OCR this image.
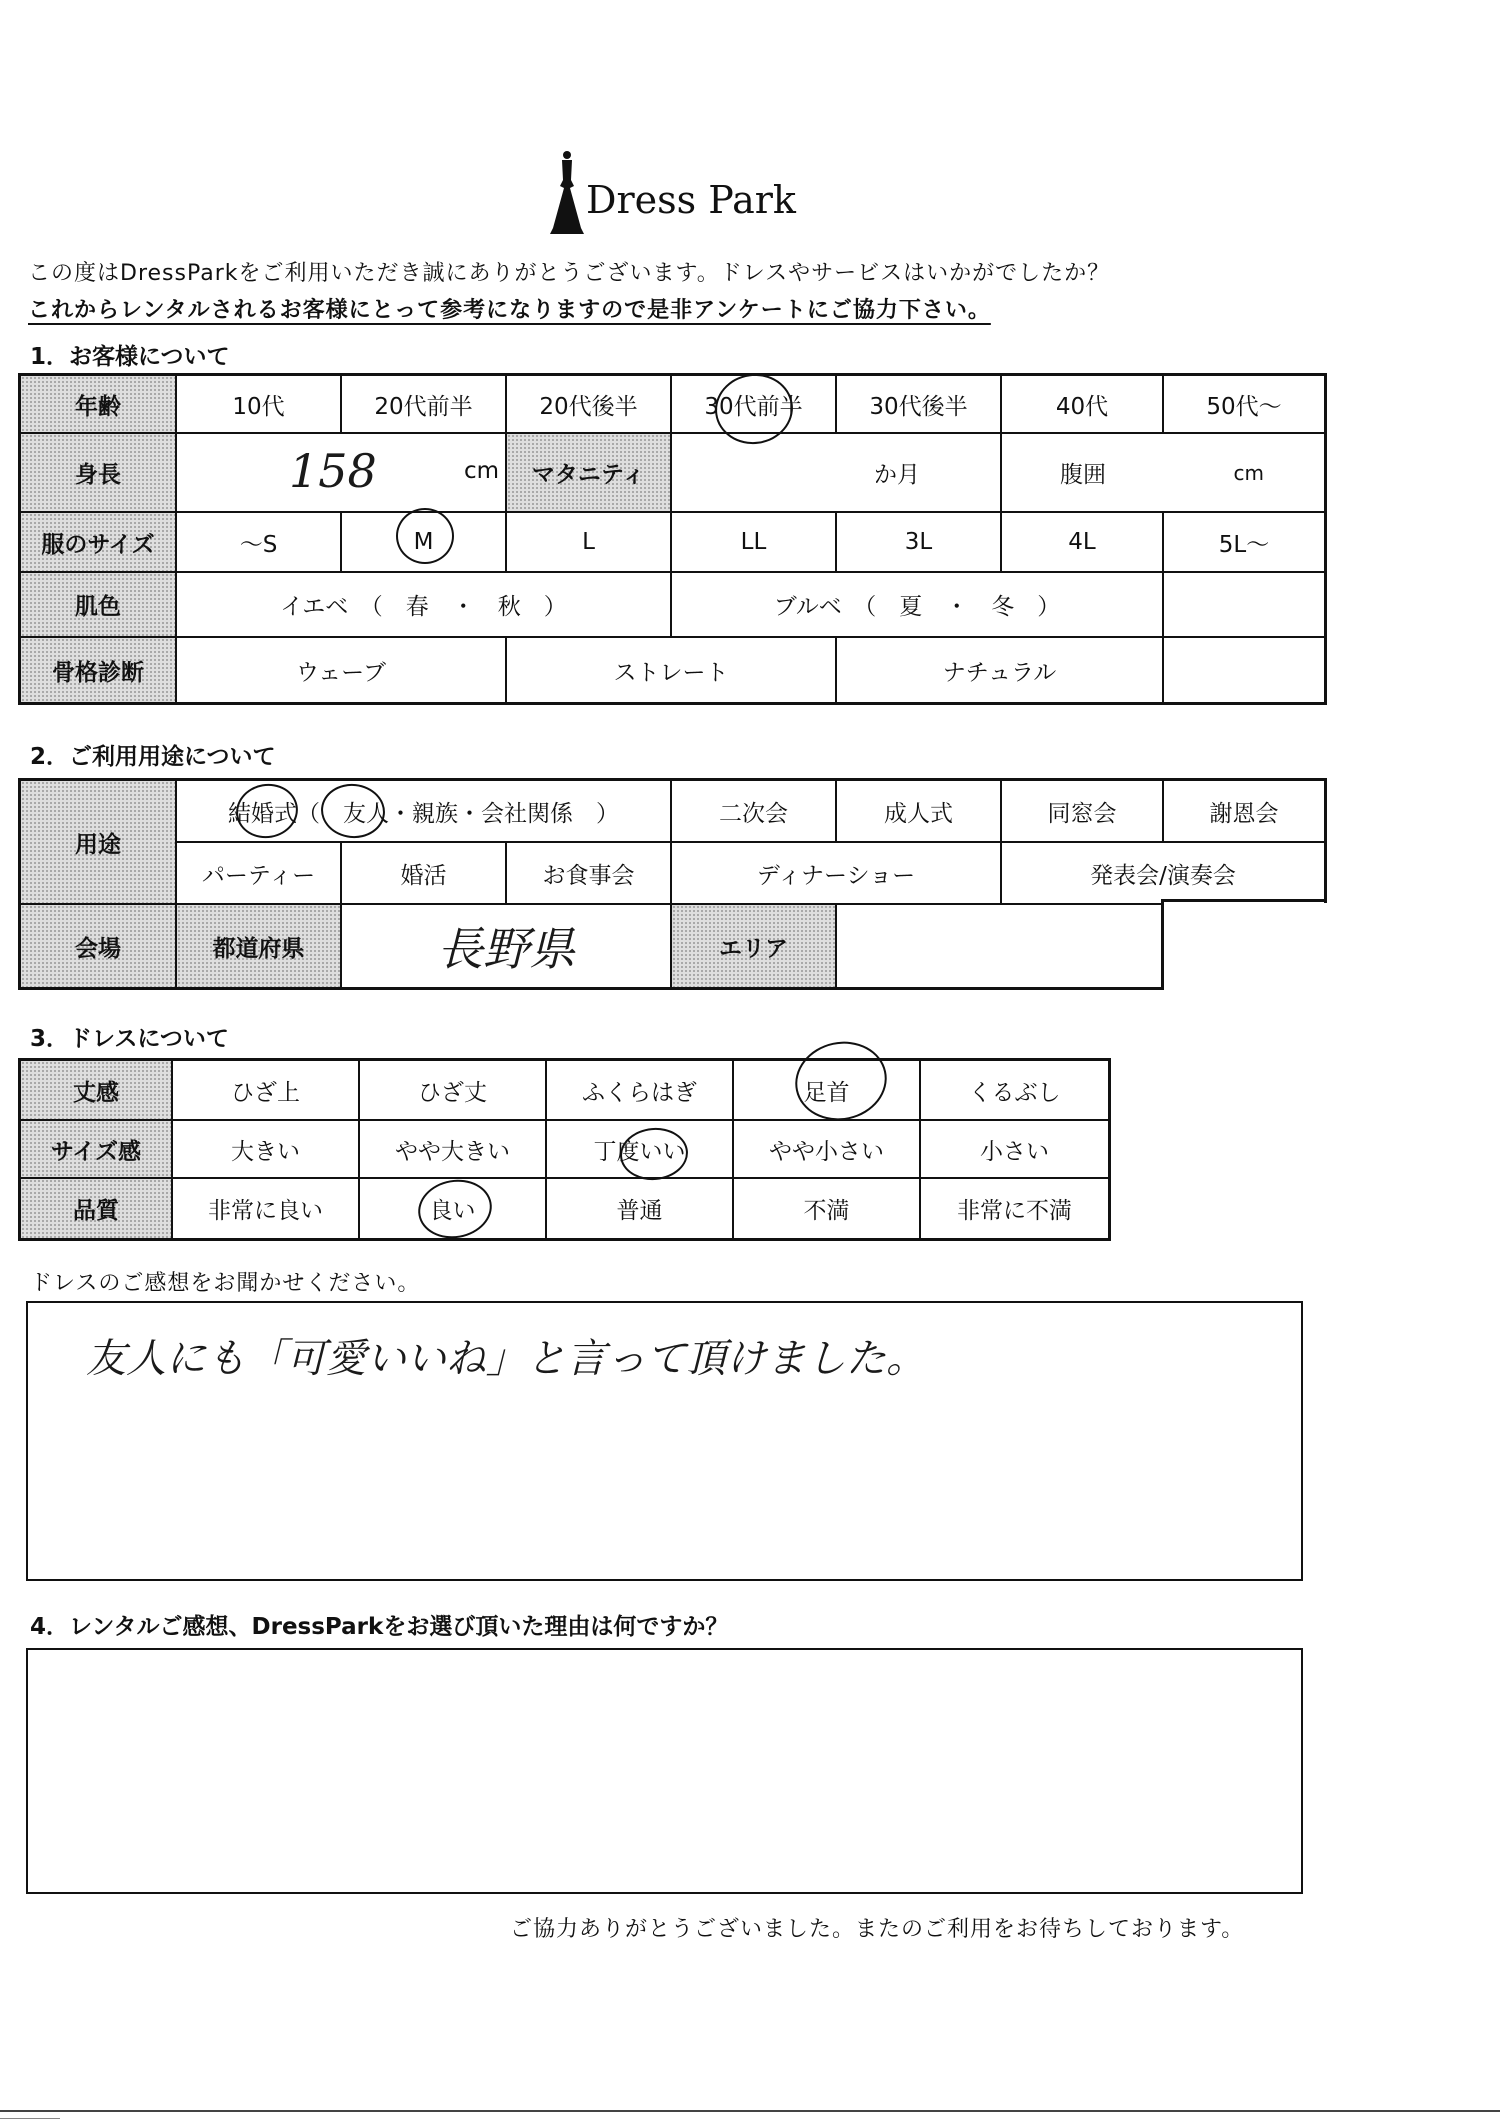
Dress Park
この度はDressParkをご利用いただき誠にありがとうございます。ドレスやサービスはいかがでしたか？
これからレンタルされるお客様にとって参考になりますので是非アンケートにご協力下さい。
1．お客様について
年齢	10代	20代前半	20代後半	30代前半	30代後半	40代	50代～
身長	158	cm	マタニティ	か月	腹囲	cm
服のサイズ	～S	M	L	LL	3L	4L	5L～
肌色	イエベ　（　春　・　秋　）	ブルベ　（　夏　・　冬　）
骨格診断	ウェーブ	ストレート	ナチュラル
2．ご利用用途について
用途
結婚式（　友人・親族・会社関係　）	二次会	成人式	同窓会	謝恩会
パーティー	婚活	お食事会	ディナーショー	発表会/演奏会
会場	都道府県	長野県	エリア
3．ドレスについて
丈感	ひざ上	ひざ丈	ふくらはぎ	足首	くるぶし
サイズ感	大きい	やや大きい	丁度いい	やや小さい	小さい
品質	非常に良い	良い	普通	不満	非常に不満
ドレスのご感想をお聞かせください。
友人にも「可愛いいね」と言って頂けました。
4．レンタルご感想、DressParkをお選び頂いた理由は何ですか？
ご協力ありがとうございました。またのご利用をお待ちしております。
